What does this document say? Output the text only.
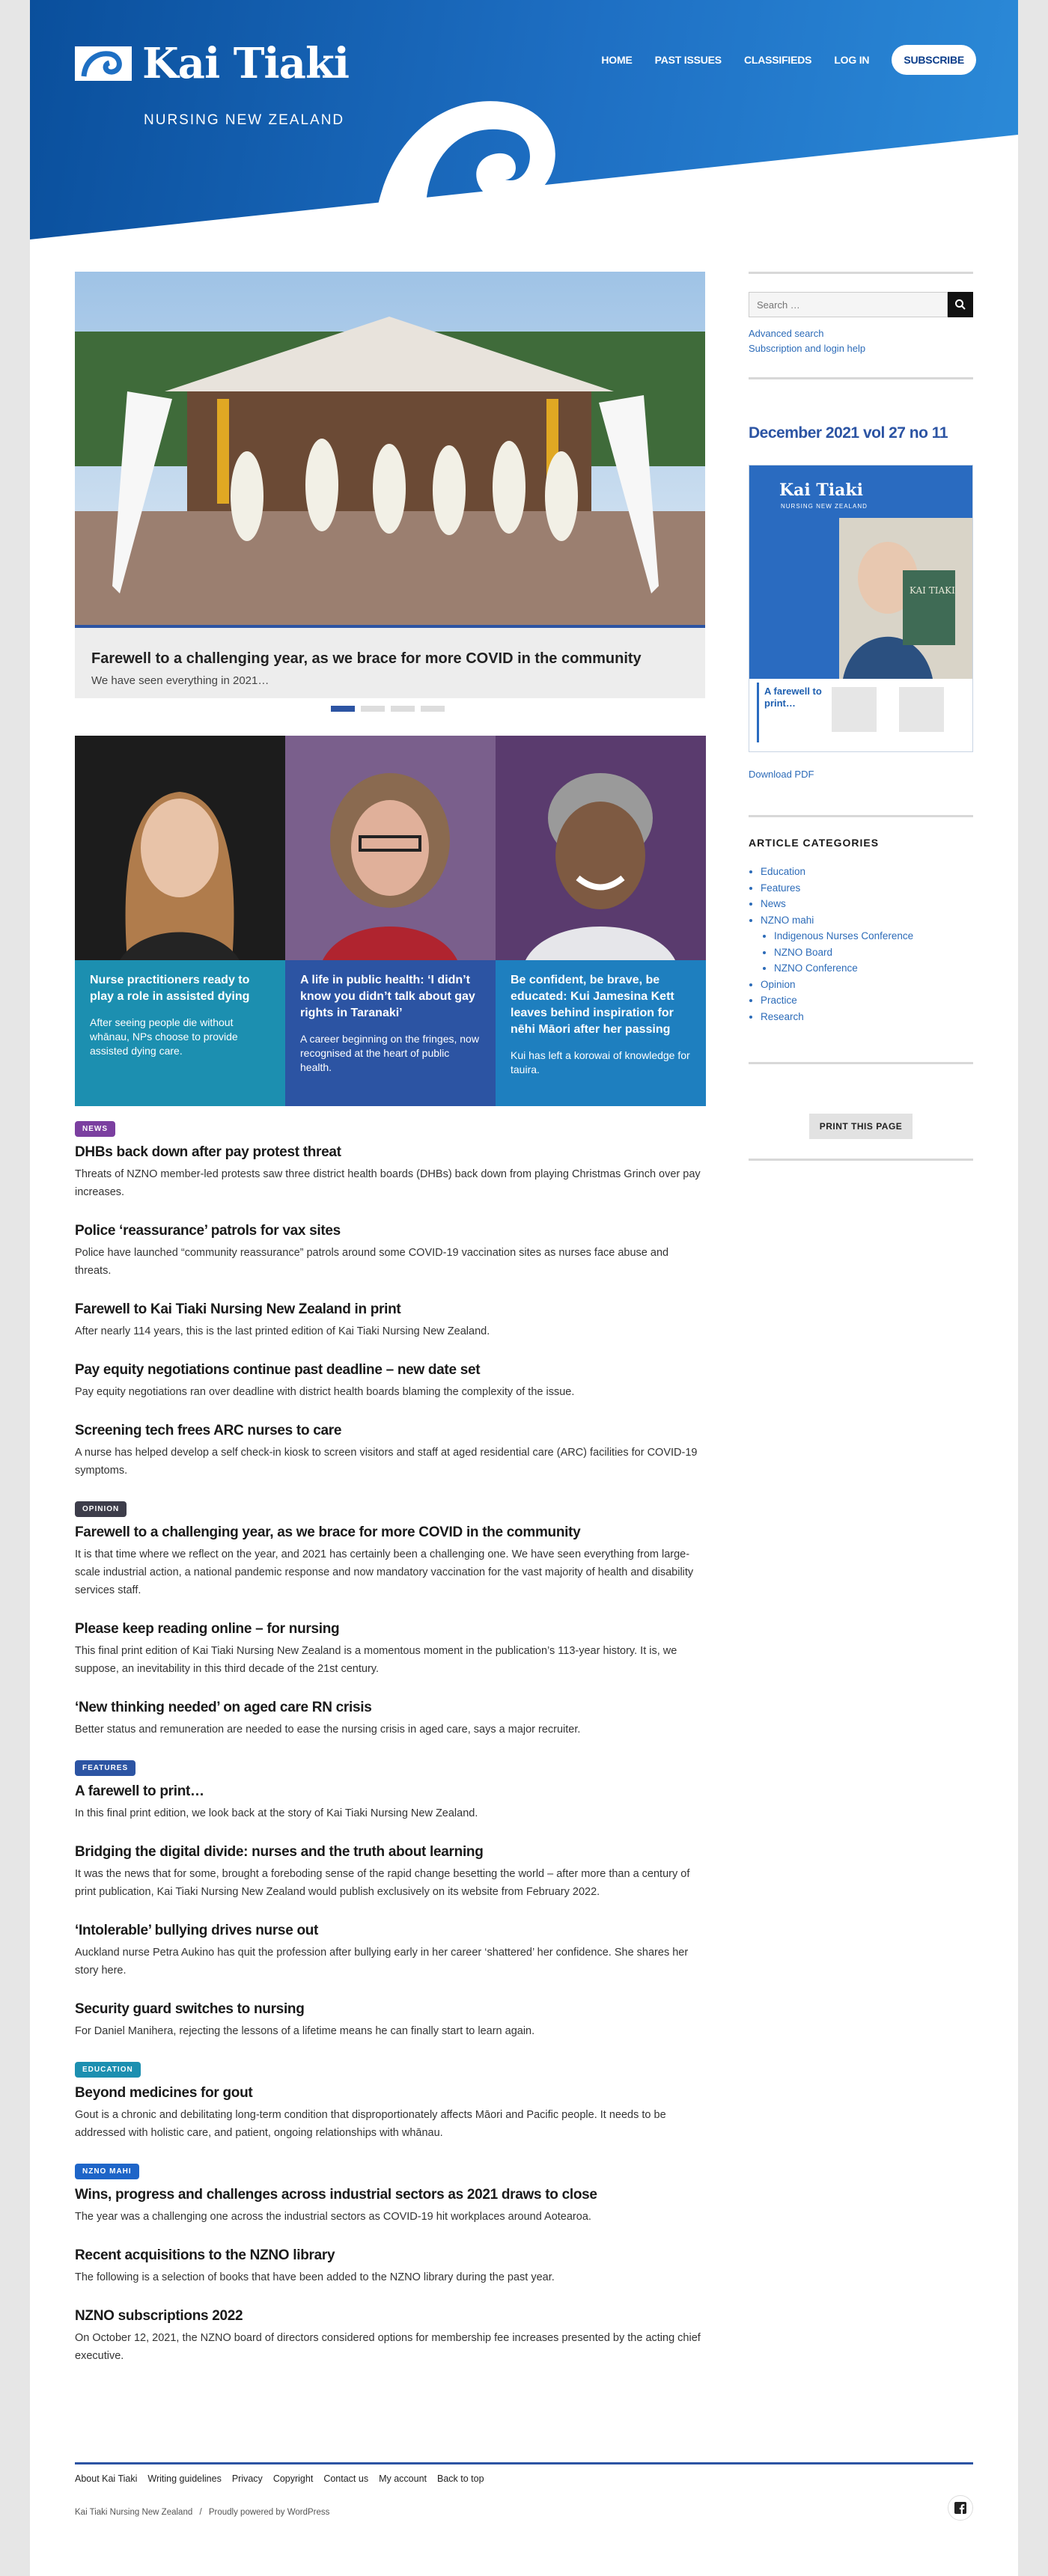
Kai Tiaki
NURSING NEW ZEALAND
HOME PAST ISSUES CLASSIFIEDS LOG IN	SUBSCRIBE
Farewell to a challenging year, as we brace for more COVID in the community
We have seen everything in 2021…
Nurse practitioners ready to play a role in assisted dying
After seeing people die without whānau, NPs choose to provide assisted dying care.
A life in public health: ‘I didn’t know you didn’t talk about gay rights in Taranaki’
A career beginning on the fringes, now recognised at the heart of public health.
Be confident, be brave, be educated: Kui Jamesina Kett leaves behind inspiration for nēhi Māori after her passing
Kui has left a korowai of knowledge for tauira.
NEWS
DHBs back down after pay protest threat
Threats of NZNO member-led protests saw three district health boards (DHBs) back down from playing Christmas Grinch over pay increases.
Police ‘reassurance’ patrols for vax sites
Police have launched “community reassurance” patrols around some COVID-19 vaccination sites as nurses face abuse and threats.
Farewell to Kai Tiaki Nursing New Zealand in print
After nearly 114 years, this is the last printed edition of Kai Tiaki Nursing New Zealand.
Pay equity negotiations continue past deadline – new date set
Pay equity negotiations ran over deadline with district health boards blaming the complexity of the issue.
Screening tech frees ARC nurses to care
A nurse has helped develop a self check-in kiosk to screen visitors and staff at aged residential care (ARC) facilities for COVID-19 symptoms.
OPINION
Farewell to a challenging year, as we brace for more COVID in the community
It is that time where we reflect on the year, and 2021 has certainly been a challenging one. We have seen everything from large-scale industrial action, a national pandemic response and now mandatory vaccination for the vast majority of health and disability services staff.
Please keep reading online – for nursing
This final print edition of Kai Tiaki Nursing New Zealand is a momentous moment in the publication’s 113-year history. It is, we suppose, an inevitability in this third decade of the 21st century.
‘New thinking needed’ on aged care RN crisis
Better status and remuneration are needed to ease the nursing crisis in aged care, says a major recruiter.
FEATURES
A farewell to print…
In this final print edition, we look back at the story of Kai Tiaki Nursing New Zealand.
Bridging the digital divide: nurses and the truth about learning
It was the news that for some, brought a foreboding sense of the rapid change besetting the world – after more than a century of print publication, Kai Tiaki Nursing New Zealand would publish exclusively on its website from February 2022.
‘Intolerable’ bullying drives nurse out
Auckland nurse Petra Aukino has quit the profession after bullying early in her career ‘shattered’ her confidence. She shares her story here.
Security guard switches to nursing
For Daniel Manihera, rejecting the lessons of a lifetime means he can finally start to learn again.
EDUCATION
Beyond medicines for gout
Gout is a chronic and debilitating long-term condition that disproportionately affects Māori and Pacific people. It needs to be addressed with holistic care, and patient, ongoing relationships with whānau.
NZNO MAHI
Wins, progress and challenges across industrial sectors as 2021 draws to close
The year was a challenging one across the industrial sectors as COVID-19 hit workplaces around Aotearoa.
Recent acquisitions to the NZNO library
The following is a selection of books that have been added to the NZNO library during the past year.
NZNO subscriptions 2022
On October 12, 2021, the NZNO board of directors considered options for membership fee increases presented by the acting chief executive.
Search …
Advanced search
Subscription and login help
December 2021 vol 27 no 11
Kai Tiaki
NURSING NEW ZEALAND
KAI TIAKI
A farewell to print…
Download PDF
ARTICLE CATEGORIES
• Education
• Features
• News
• NZNO mahi
• Indigenous Nurses Conference
• NZNO Board
• NZNO Conference
• Opinion
• Practice
• Research
PRINT THIS PAGE
About Kai Tiaki	Writing guidelines	Privacy	Copyright	Contact us	My account	Back to top
Kai Tiaki Nursing New Zealand / Proudly powered by WordPress
